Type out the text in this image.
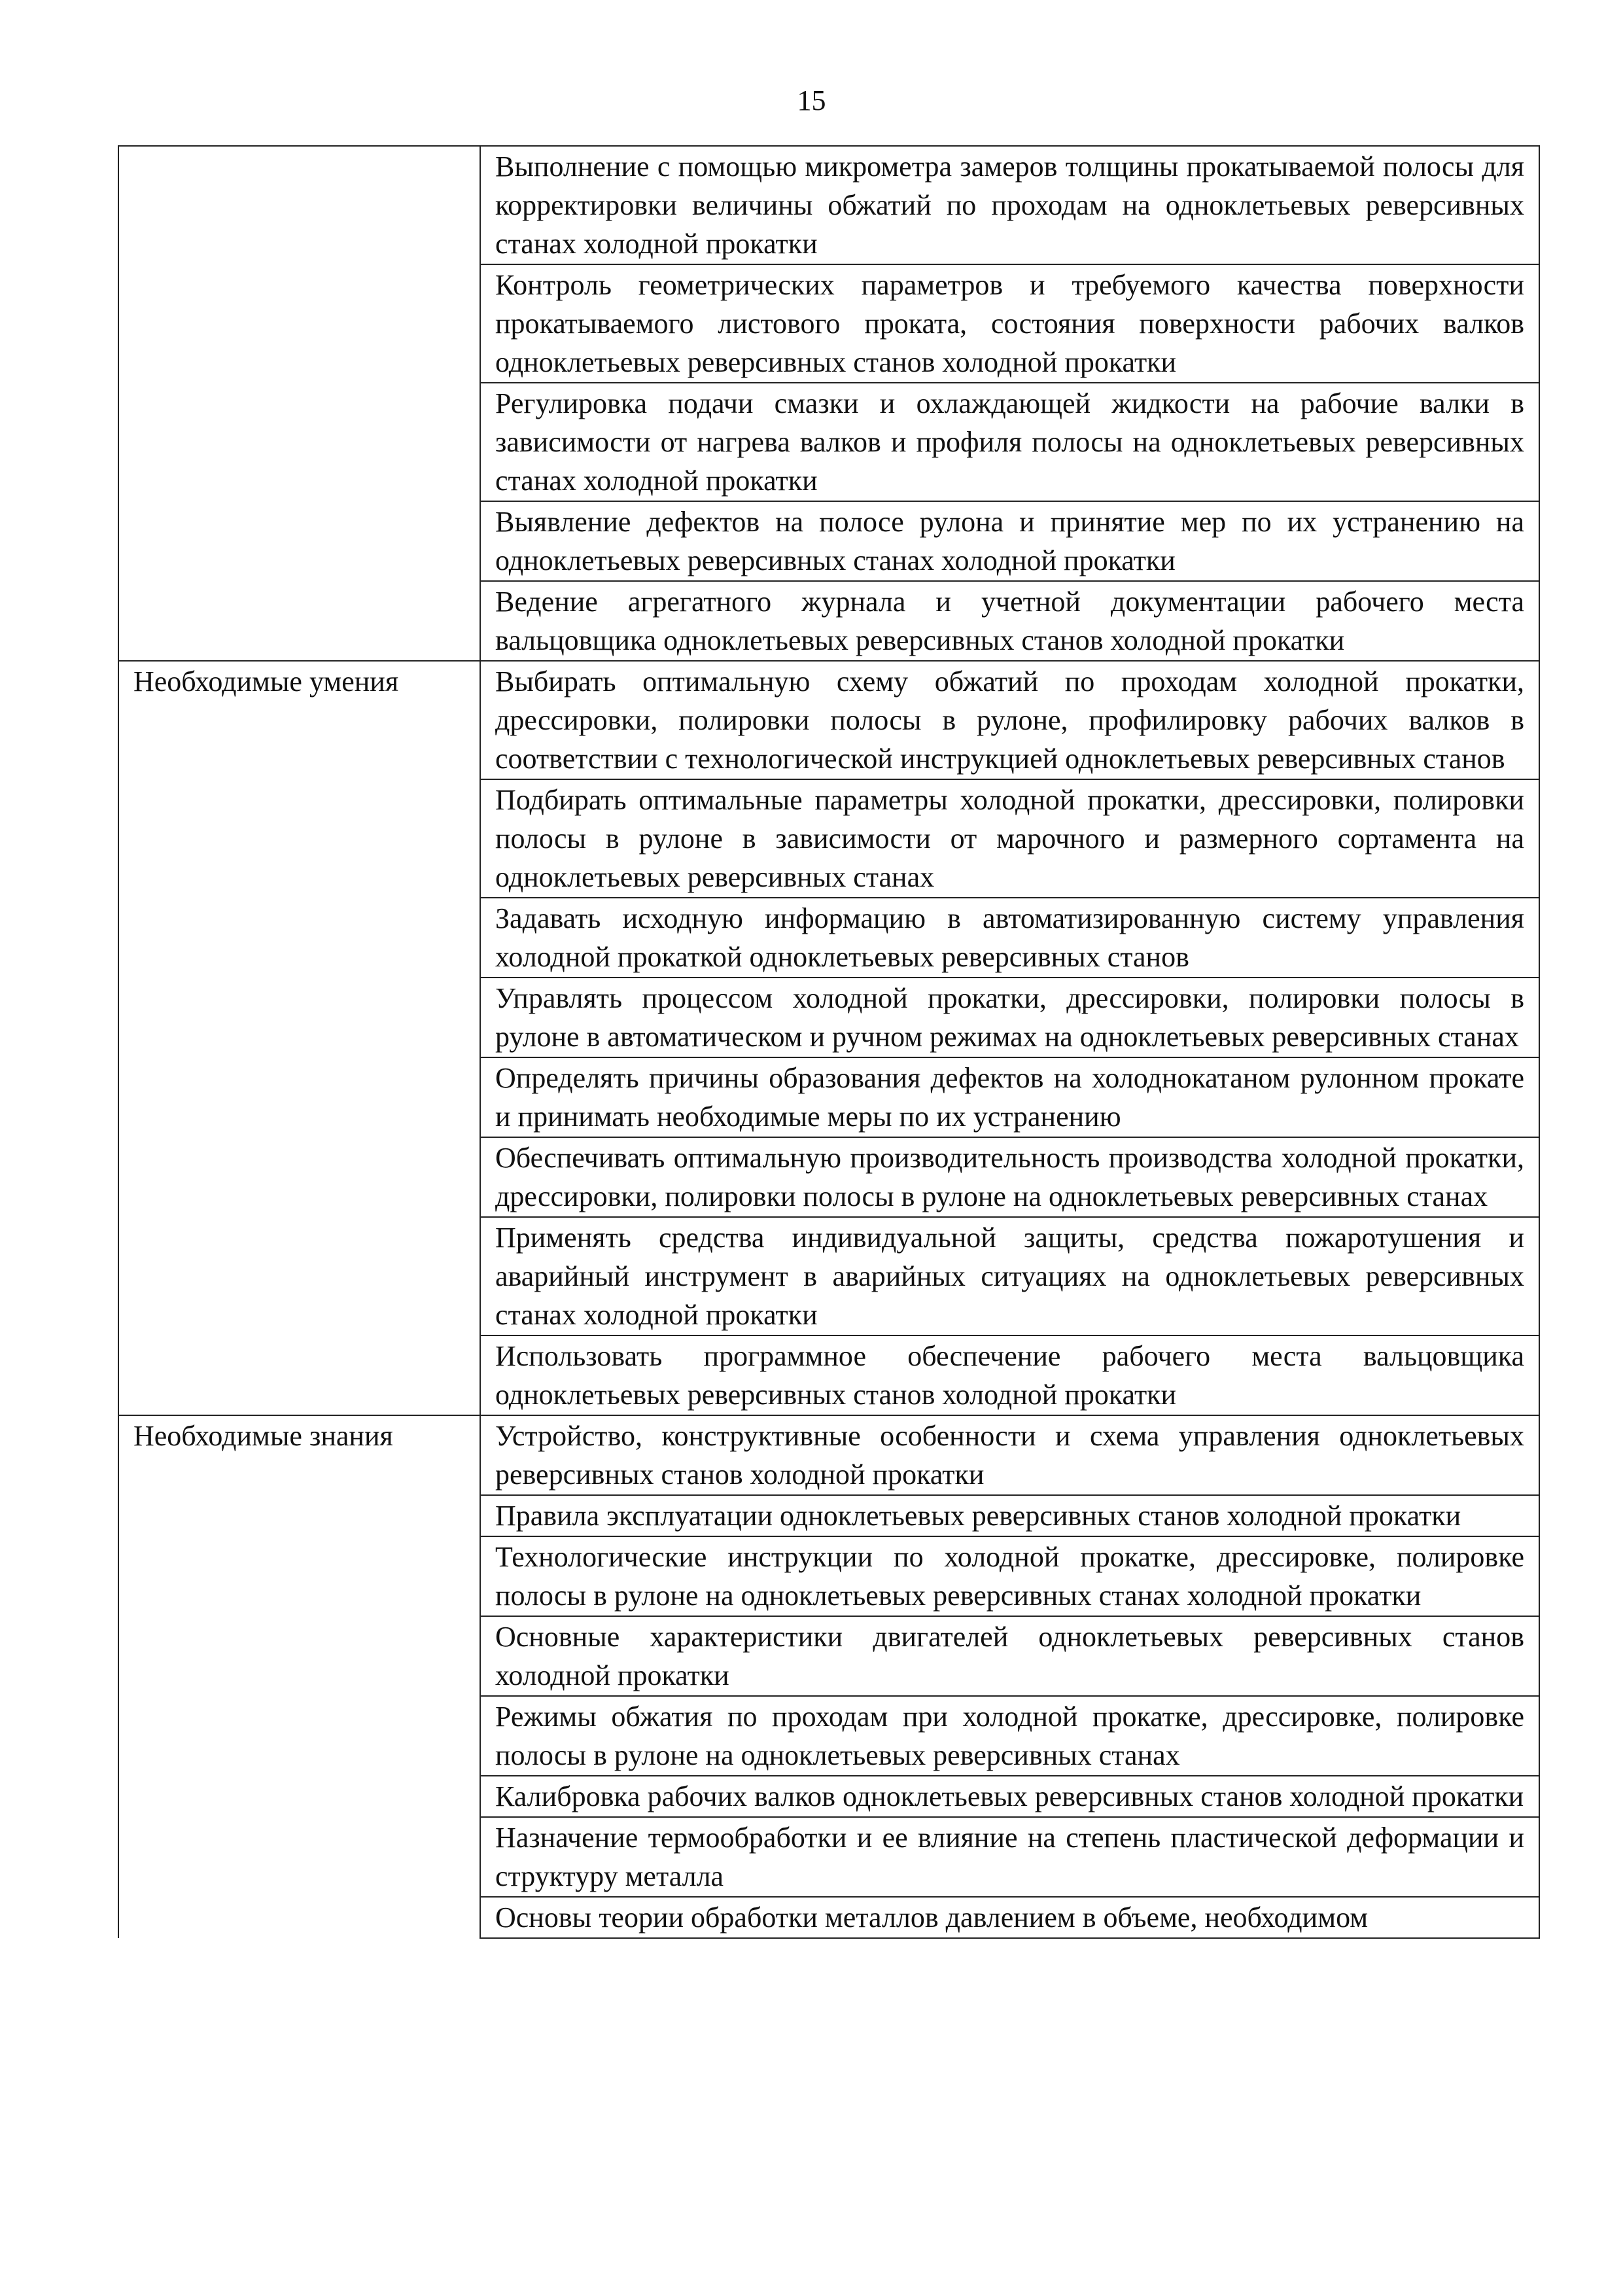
15
	Выполнение с помощью микрометра замеров толщины прокатываемой полосы для корректировки величины обжатий по проходам на одноклетьевых реверсивных станах холодной прокатки
	Контроль геометрических параметров и требуемого качества поверхности прокатываемого листового проката, состояния поверхности рабочих валков одноклетьевых реверсивных станов холодной прокатки
	Регулировка подачи смазки и охлаждающей жидкости на рабочие валки в зависимости от нагрева валков и профиля полосы на одноклетьевых реверсивных станах холодной прокатки
	Выявление дефектов на полосе рулона и принятие мер по их устранению на одноклетьевых реверсивных станах холодной прокатки
	Ведение агрегатного журнала и учетной документации рабочего места вальцовщика одноклетьевых реверсивных станов холодной прокатки
Необходимые умения	Выбирать оптимальную схему обжатий по проходам холодной прокатки, дрессировки, полировки полосы в рулоне, профилировку рабочих валков в соответствии с технологической инструкцией одноклетьевых реверсивных станов
	Подбирать оптимальные параметры холодной прокатки, дрессировки, полировки полосы в рулоне в зависимости от марочного и размерного сортамента на одноклетьевых реверсивных станах
	Задавать исходную информацию в автоматизированную систему управления холодной прокаткой одноклетьевых реверсивных станов
	Управлять процессом холодной прокатки, дрессировки, полировки полосы в рулоне в автоматическом и ручном режимах на одноклетьевых реверсивных станах
	Определять причины образования дефектов на холоднокатаном рулонном прокате и принимать необходимые меры по их устранению
	Обеспечивать оптимальную производительность производства холодной прокатки, дрессировки, полировки полосы в рулоне на одноклетьевых реверсивных станах
	Применять средства индивидуальной защиты, средства пожаротушения и аварийный инструмент в аварийных ситуациях на одноклетьевых реверсивных станах холодной прокатки
	Использовать программное обеспечение рабочего места вальцовщика одноклетьевых реверсивных станов холодной прокатки
Необходимые знания	Устройство, конструктивные особенности и схема управления одноклетьевых реверсивных станов холодной прокатки
	Правила эксплуатации одноклетьевых реверсивных станов холодной прокатки
	Технологические инструкции по холодной прокатке, дрессировке, полировке полосы в рулоне на одноклетьевых реверсивных станах холодной прокатки
	Основные характеристики двигателей одноклетьевых реверсивных станов холодной прокатки
	Режимы обжатия по проходам при холодной прокатке, дрессировке, полировке полосы в рулоне на одноклетьевых реверсивных станах
	Калибровка рабочих валков одноклетьевых реверсивных станов холодной прокатки
	Назначение термообработки и ее влияние на степень пластической деформации и структуру металла
	Основы теории обработки металлов давлением в объеме, необходимом
